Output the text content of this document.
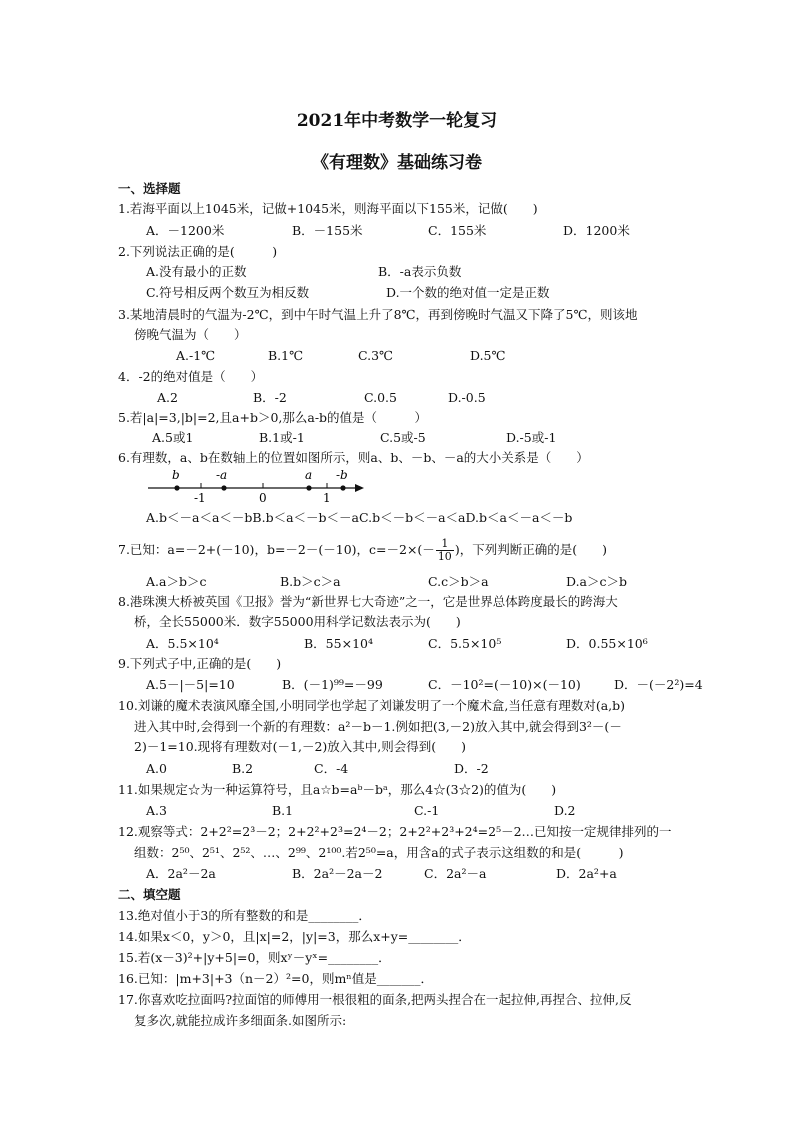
2021年中考数学一轮复习
《有理数》基础练习卷
一、选择题
1.若海平面以上1045米，记做+1045米，则海平面以下155米，记做(　　)
A．－1200米	B．－155米	C．155米	D．1200米
2.下列说法正确的是(　　　)
A.没有最小的正数	B．-a表示负数
C.符号相反两个数互为相反数	D.一个数的绝对值一定是正数
3.某地清晨时的气温为-2℃，到中午时气温上升了8℃，再到傍晚时气温又下降了5℃，则该地
傍晚气温为（　　）
A.-1℃	B.1℃	C.3℃	D.5℃
4．-2的绝对值是（　　）
A.2	B．-2	C.0.5	D.-0.5
5.若|a|=3,|b|=2,且a+b＞0,那么a-b的值是（　　　）
A.5或1	B.1或-1	C.5或-5	D.-5或-1
6.有理数，a、b在数轴上的位置如图所示，则a、b、－b、－a的大小关系是（　　）
b	-a	a -b
-1	0	1
A.b＜－a＜a＜－bB.b＜a＜－b＜－aC.b＜－b＜－a＜aD.b＜a＜－a＜－b
7.已知：a=－2+(－10)，b=－2－(－10)，$c=-2\times(- \frac{1}{10}$ )，下列判断正确的是(　　)
A.a＞b＞c	B.b＞c＞a	C.c＞b＞a	D.a＞c＞b
8.港珠澳大桥被英国《卫报》誉为“新世界七大奇迹”之一，它是世界总体跨度最长的跨海大
桥，全长55000米．数字55000用科学记数法表示为(　　)
A．5.5×10⁴	B．55×10⁴	C．5.5×10⁵	D．0.55×10⁶
9.下列式子中,正确的是(　　)
A.5－|－5|=10	B．(－1)⁹⁹=－99	C．－10²=(－10)×(－10)	D．－(－2²)=4
10.刘谦的魔术表演风靡全国,小明同学也学起了刘谦发明了一个魔术盒,当任意有理数对(a,b)
进入其中时,会得到一个新的有理数：a²－b－1.例如把(3,－2)放入其中,就会得到3²－(－
2)－1=10.现将有理数对(－1,－2)放入其中,则会得到(　　)
A.0	B.2	C．-4	D．-2
11.如果规定☆为一种运算符号，且a☆b=aᵇ－bᵃ，那么4☆(3☆2)的值为(　　)
A.3	B.1	C.-1	D.2
12.观察等式：2+2²=2³－2；2+2²+2³=2⁴－2；2+2²+2³+2⁴=2⁵－2…已知按一定规律排列的一
组数：2⁵⁰、2⁵¹、2⁵²、…、2⁹⁹、2¹⁰⁰.若2⁵⁰=a，用含a的式子表示这组数的和是(　　　)
A．2a²－2a	B．2a²－2a－2	C．2a²－a	D．2a²+a
二、填空题
13.绝对值小于3的所有整数的和是________．
14.如果x＜0，y＞0，且|x|=2，|y|=3，那么x+y=________．
15.若(x－3)²+|y+5|=0，则xʸ－yˣ=________．
16.已知：|m+3|+3（n－2）²=0，则mⁿ值是_______．
17.你喜欢吃拉面吗?拉面馆的师傅用一根很粗的面条,把两头捏合在一起拉伸,再捏合、拉伸,反
复多次,就能拉成许多细面条.如图所示:
